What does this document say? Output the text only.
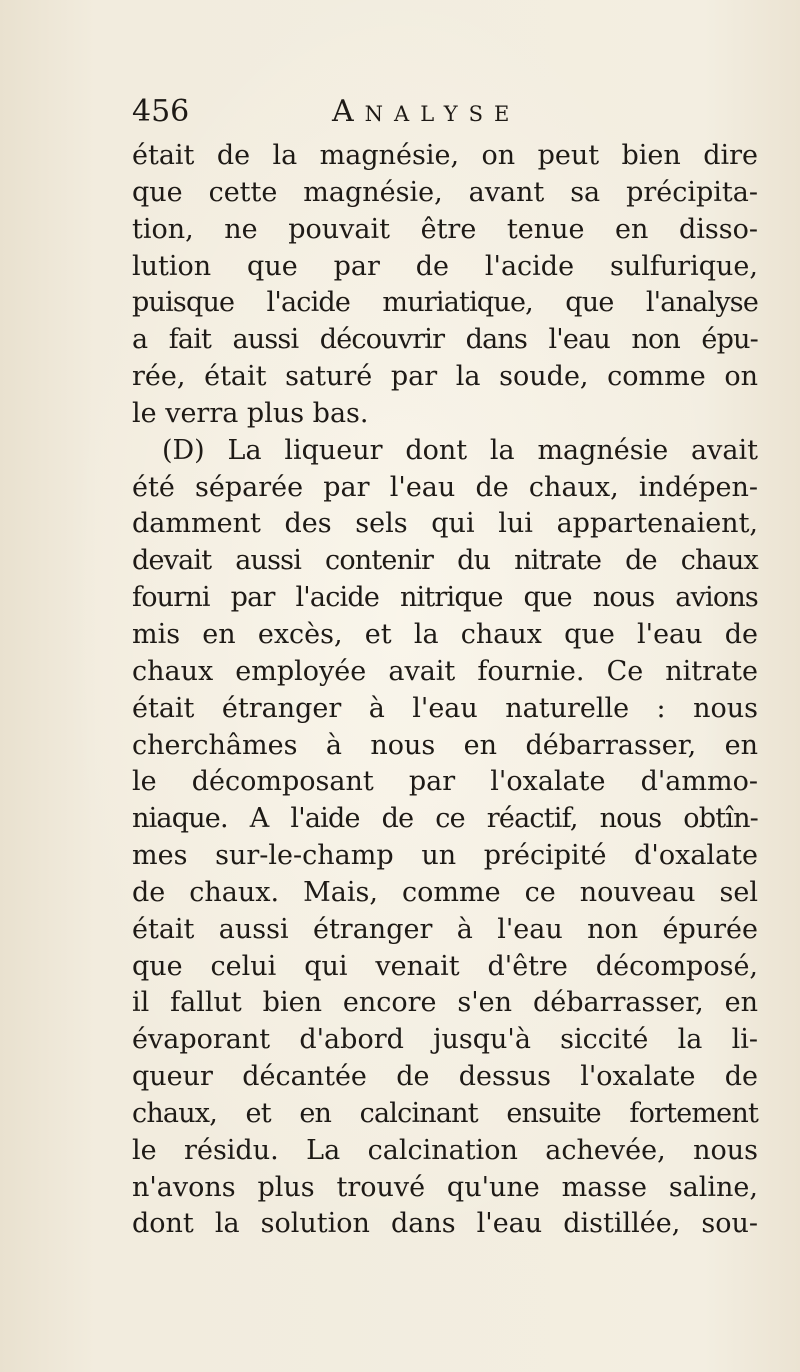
456	Analyse
était de la magnésie, on peut bien dire
que cette magnésie, avant sa précipita-
tion, ne pouvait être tenue en disso-
lution que par de l'acide sulfurique,
puisque l'acide muriatique, que l'analyse
a fait aussi découvrir dans l'eau non épu-
rée, était saturé par la soude, comme on
le verra plus bas.
(D) La liqueur dont la magnésie avait
été séparée par l'eau de chaux, indépen-
damment des sels qui lui appartenaient,
devait aussi contenir du nitrate de chaux
fourni par l'acide nitrique que nous avions
mis en excès, et la chaux que l'eau de
chaux employée avait fournie. Ce nitrate
était étranger à l'eau naturelle : nous
cherchâmes à nous en débarrasser, en
le décomposant par l'oxalate d'ammo-
niaque. A l'aide de ce réactif, nous obtîn-
mes sur-le-champ un précipité d'oxalate
de chaux. Mais, comme ce nouveau sel
était aussi étranger à l'eau non épurée
que celui qui venait d'être décomposé,
il fallut bien encore s'en débarrasser, en
évaporant d'abord jusqu'à siccité la li-
queur décantée de dessus l'oxalate de
chaux, et en calcinant ensuite fortement
le résidu. La calcination achevée, nous
n'avons plus trouvé qu'une masse saline,
dont la solution dans l'eau distillée, sou-
